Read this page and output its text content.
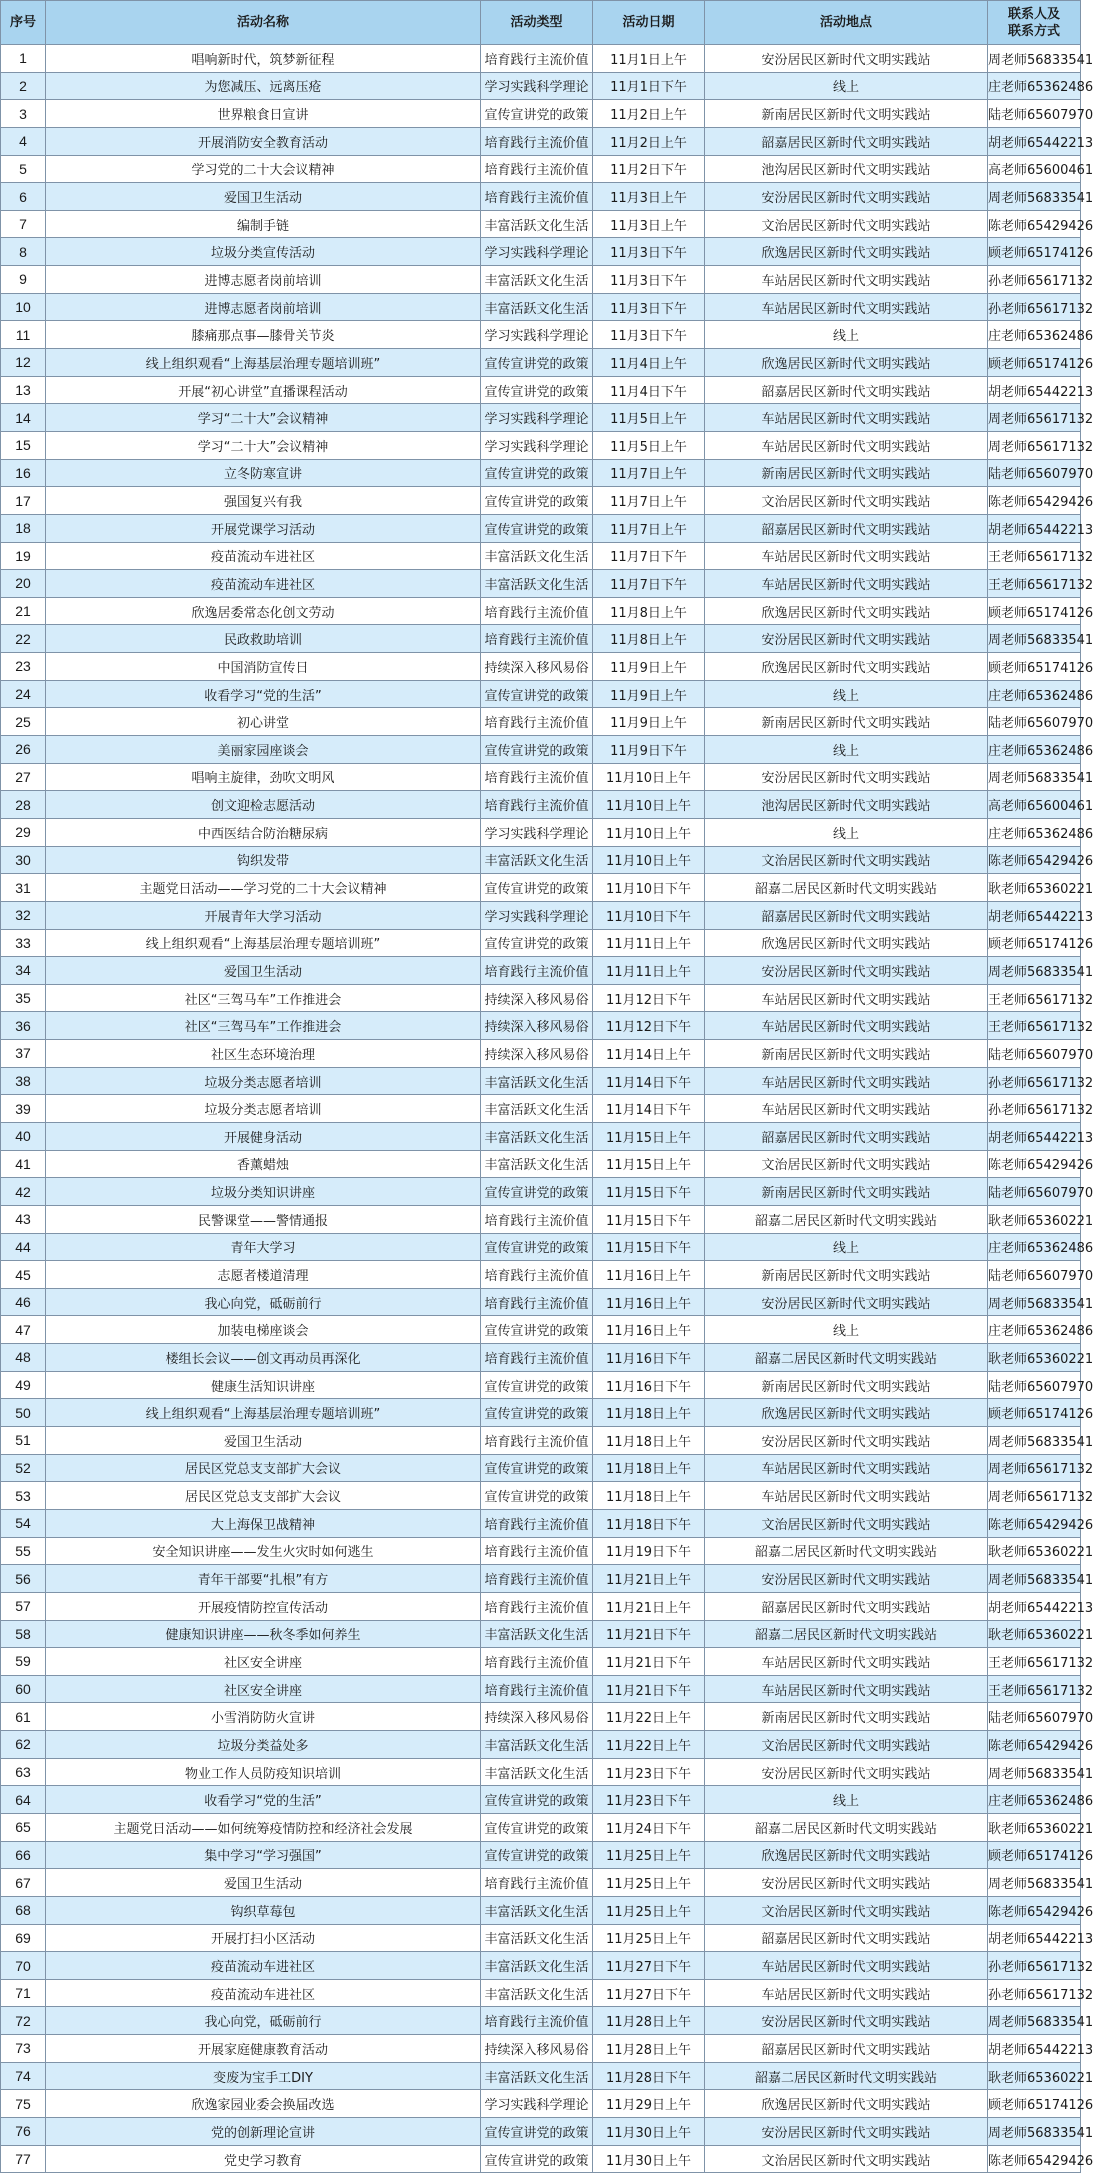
序号	活动名称	活动类型	活动日期	活动地点	联系人及
联系方式
1	唱响新时代，筑梦新征程	培育践行主流价值	11月1日上午	安汾居民区新时代文明实践站	周老师56833541
2	为您减压、远离压疮	学习实践科学理论	11月1日下午	线上	庄老师65362486
3	世界粮食日宣讲	宣传宣讲党的政策	11月2日上午	新南居民区新时代文明实践站	陆老师65607970
4	开展消防安全教育活动	培育践行主流价值	11月2日上午	韶嘉居民区新时代文明实践站	胡老师65442213
5	学习党的二十大会议精神	培育践行主流价值	11月2日下午	池沟居民区新时代文明实践站	高老师65600461
6	爱国卫生活动	培育践行主流价值	11月3日上午	安汾居民区新时代文明实践站	周老师56833541
7	编制手链	丰富活跃文化生活	11月3日上午	文治居民区新时代文明实践站	陈老师65429426
8	垃圾分类宣传活动	学习实践科学理论	11月3日下午	欣逸居民区新时代文明实践站	顾老师65174126
9	进博志愿者岗前培训	丰富活跃文化生活	11月3日下午	车站居民区新时代文明实践站	孙老师65617132
10	进博志愿者岗前培训	丰富活跃文化生活	11月3日下午	车站居民区新时代文明实践站	孙老师65617132
11	膝痛那点事—膝骨关节炎	学习实践科学理论	11月3日下午	线上	庄老师65362486
12	线上组织观看“上海基层治理专题培训班”	宣传宣讲党的政策	11月4日上午	欣逸居民区新时代文明实践站	顾老师65174126
13	开展“初心讲堂”直播课程活动	宣传宣讲党的政策	11月4日下午	韶嘉居民区新时代文明实践站	胡老师65442213
14	学习“二十大”会议精神	学习实践科学理论	11月5日上午	车站居民区新时代文明实践站	周老师65617132
15	学习“二十大”会议精神	学习实践科学理论	11月5日上午	车站居民区新时代文明实践站	周老师65617132
16	立冬防寒宣讲	宣传宣讲党的政策	11月7日上午	新南居民区新时代文明实践站	陆老师65607970
17	强国复兴有我	宣传宣讲党的政策	11月7日上午	文治居民区新时代文明实践站	陈老师65429426
18	开展党课学习活动	宣传宣讲党的政策	11月7日上午	韶嘉居民区新时代文明实践站	胡老师65442213
19	疫苗流动车进社区	丰富活跃文化生活	11月7日下午	车站居民区新时代文明实践站	王老师65617132
20	疫苗流动车进社区	丰富活跃文化生活	11月7日下午	车站居民区新时代文明实践站	王老师65617132
21	欣逸居委常态化创文劳动	培育践行主流价值	11月8日上午	欣逸居民区新时代文明实践站	顾老师65174126
22	民政救助培训	培育践行主流价值	11月8日上午	安汾居民区新时代文明实践站	周老师56833541
23	中国消防宣传日	持续深入移风易俗	11月9日上午	欣逸居民区新时代文明实践站	顾老师65174126
24	收看学习“党的生活”	宣传宣讲党的政策	11月9日上午	线上	庄老师65362486
25	初心讲堂	培育践行主流价值	11月9日上午	新南居民区新时代文明实践站	陆老师65607970
26	美丽家园座谈会	宣传宣讲党的政策	11月9日下午	线上	庄老师65362486
27	唱响主旋律，劲吹文明风	培育践行主流价值	11月10日上午	安汾居民区新时代文明实践站	周老师56833541
28	创文迎检志愿活动	培育践行主流价值	11月10日上午	池沟居民区新时代文明实践站	高老师65600461
29	中西医结合防治糖尿病	学习实践科学理论	11月10日上午	线上	庄老师65362486
30	钩织发带	丰富活跃文化生活	11月10日上午	文治居民区新时代文明实践站	陈老师65429426
31	主题党日活动——学习党的二十大会议精神	宣传宣讲党的政策	11月10日下午	韶嘉二居民区新时代文明实践站	耿老师65360221
32	开展青年大学习活动	学习实践科学理论	11月10日下午	韶嘉居民区新时代文明实践站	胡老师65442213
33	线上组织观看“上海基层治理专题培训班”	宣传宣讲党的政策	11月11日上午	欣逸居民区新时代文明实践站	顾老师65174126
34	爱国卫生活动	培育践行主流价值	11月11日上午	安汾居民区新时代文明实践站	周老师56833541
35	社区“三驾马车”工作推进会	持续深入移风易俗	11月12日下午	车站居民区新时代文明实践站	王老师65617132
36	社区“三驾马车”工作推进会	持续深入移风易俗	11月12日下午	车站居民区新时代文明实践站	王老师65617132
37	社区生态环境治理	持续深入移风易俗	11月14日上午	新南居民区新时代文明实践站	陆老师65607970
38	垃圾分类志愿者培训	丰富活跃文化生活	11月14日下午	车站居民区新时代文明实践站	孙老师65617132
39	垃圾分类志愿者培训	丰富活跃文化生活	11月14日下午	车站居民区新时代文明实践站	孙老师65617132
40	开展健身活动	丰富活跃文化生活	11月15日上午	韶嘉居民区新时代文明实践站	胡老师65442213
41	香薰蜡烛	丰富活跃文化生活	11月15日上午	文治居民区新时代文明实践站	陈老师65429426
42	垃圾分类知识讲座	宣传宣讲党的政策	11月15日下午	新南居民区新时代文明实践站	陆老师65607970
43	民警课堂——警情通报	培育践行主流价值	11月15日下午	韶嘉二居民区新时代文明实践站	耿老师65360221
44	青年大学习	宣传宣讲党的政策	11月15日下午	线上	庄老师65362486
45	志愿者楼道清理	培育践行主流价值	11月16日上午	新南居民区新时代文明实践站	陆老师65607970
46	我心向党，砥砺前行	培育践行主流价值	11月16日上午	安汾居民区新时代文明实践站	周老师56833541
47	加装电梯座谈会	宣传宣讲党的政策	11月16日上午	线上	庄老师65362486
48	楼组长会议——创文再动员再深化	培育践行主流价值	11月16日下午	韶嘉二居民区新时代文明实践站	耿老师65360221
49	健康生活知识讲座	宣传宣讲党的政策	11月16日下午	新南居民区新时代文明实践站	陆老师65607970
50	线上组织观看“上海基层治理专题培训班”	宣传宣讲党的政策	11月18日上午	欣逸居民区新时代文明实践站	顾老师65174126
51	爱国卫生活动	培育践行主流价值	11月18日上午	安汾居民区新时代文明实践站	周老师56833541
52	居民区党总支支部扩大会议	宣传宣讲党的政策	11月18日上午	车站居民区新时代文明实践站	周老师65617132
53	居民区党总支支部扩大会议	宣传宣讲党的政策	11月18日上午	车站居民区新时代文明实践站	周老师65617132
54	大上海保卫战精神	培育践行主流价值	11月18日下午	文治居民区新时代文明实践站	陈老师65429426
55	安全知识讲座——发生火灾时如何逃生	培育践行主流价值	11月19日下午	韶嘉二居民区新时代文明实践站	耿老师65360221
56	青年干部要“扎根”有方	培育践行主流价值	11月21日上午	安汾居民区新时代文明实践站	周老师56833541
57	开展疫情防控宣传活动	培育践行主流价值	11月21日上午	韶嘉居民区新时代文明实践站	胡老师65442213
58	健康知识讲座——秋冬季如何养生	丰富活跃文化生活	11月21日下午	韶嘉二居民区新时代文明实践站	耿老师65360221
59	社区安全讲座	培育践行主流价值	11月21日下午	车站居民区新时代文明实践站	王老师65617132
60	社区安全讲座	培育践行主流价值	11月21日下午	车站居民区新时代文明实践站	王老师65617132
61	小雪消防防火宣讲	持续深入移风易俗	11月22日上午	新南居民区新时代文明实践站	陆老师65607970
62	垃圾分类益处多	丰富活跃文化生活	11月22日上午	文治居民区新时代文明实践站	陈老师65429426
63	物业工作人员防疫知识培训	丰富活跃文化生活	11月23日下午	安汾居民区新时代文明实践站	周老师56833541
64	收看学习“党的生活”	宣传宣讲党的政策	11月23日下午	线上	庄老师65362486
65	主题党日活动——如何统筹疫情防控和经济社会发展	宣传宣讲党的政策	11月24日下午	韶嘉二居民区新时代文明实践站	耿老师65360221
66	集中学习“学习强国”	宣传宣讲党的政策	11月25日上午	欣逸居民区新时代文明实践站	顾老师65174126
67	爱国卫生活动	培育践行主流价值	11月25日上午	安汾居民区新时代文明实践站	周老师56833541
68	钩织草莓包	丰富活跃文化生活	11月25日上午	文治居民区新时代文明实践站	陈老师65429426
69	开展打扫小区活动	丰富活跃文化生活	11月25日上午	韶嘉居民区新时代文明实践站	胡老师65442213
70	疫苗流动车进社区	丰富活跃文化生活	11月27日下午	车站居民区新时代文明实践站	孙老师65617132
71	疫苗流动车进社区	丰富活跃文化生活	11月27日下午	车站居民区新时代文明实践站	孙老师65617132
72	我心向党，砥砺前行	培育践行主流价值	11月28日上午	安汾居民区新时代文明实践站	周老师56833541
73	开展家庭健康教育活动	持续深入移风易俗	11月28日上午	韶嘉居民区新时代文明实践站	胡老师65442213
74	变废为宝手工DIY	丰富活跃文化生活	11月28日下午	韶嘉二居民区新时代文明实践站	耿老师65360221
75	欣逸家园业委会换届改选	学习实践科学理论	11月29日上午	欣逸居民区新时代文明实践站	顾老师65174126
76	党的创新理论宣讲	宣传宣讲党的政策	11月30日上午	安汾居民区新时代文明实践站	周老师56833541
77	党史学习教育	宣传宣讲党的政策	11月30日上午	文治居民区新时代文明实践站	陈老师65429426
